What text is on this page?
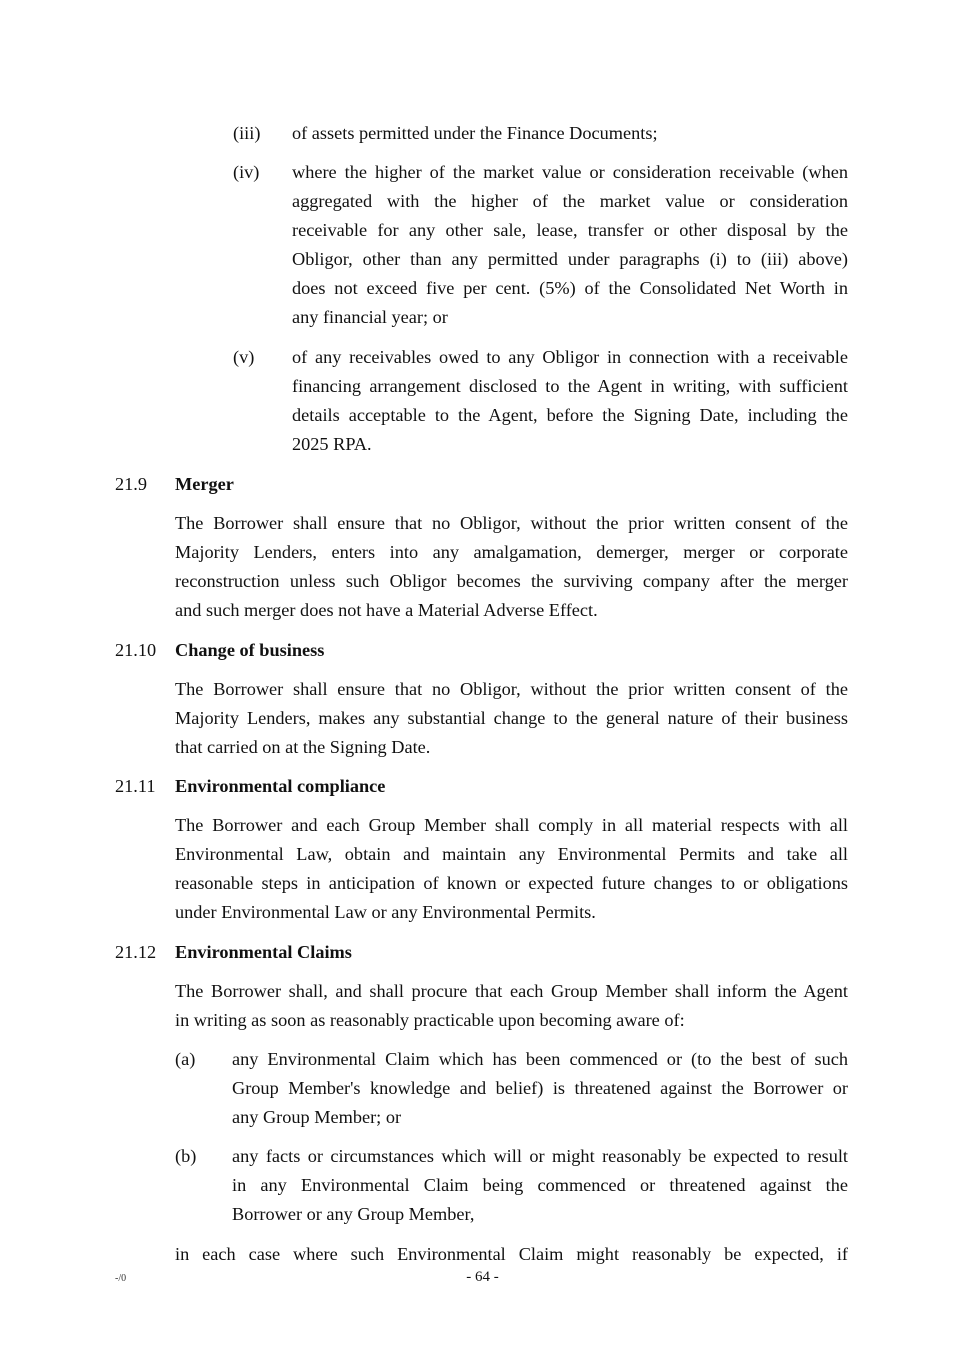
(iii) of assets permitted under the Finance Documents;
(iv) where the higher of the market value or consideration receivable (when
aggregated with the higher of the market value or consideration
receivable for any other sale, lease, transfer or other disposal by the
Obligor, other than any permitted under paragraphs (i) to (iii) above)
does not exceed five per cent. (5%) of the Consolidated Net Worth in
any financial year; or
(v) of any receivables owed to any Obligor in connection with a receivable
financing arrangement disclosed to the Agent in writing, with sufficient
details acceptable to the Agent, before the Signing Date, including the
2025 RPA.
21.9 Merger
The Borrower shall ensure that no Obligor, without the prior written consent of the
Majority Lenders, enters into any amalgamation, demerger, merger or corporate
reconstruction unless such Obligor becomes the surviving company after the merger
and such merger does not have a Material Adverse Effect.
21.10 Change of business
The Borrower shall ensure that no Obligor, without the prior written consent of the
Majority Lenders, makes any substantial change to the general nature of their business
that carried on at the Signing Date.
21.11 Environmental compliance
The Borrower and each Group Member shall comply in all material respects with all
Environmental Law, obtain and maintain any Environmental Permits and take all
reasonable steps in anticipation of known or expected future changes to or obligations
under Environmental Law or any Environmental Permits.
21.12 Environmental Claims
The Borrower shall, and shall procure that each Group Member shall inform the Agent
in writing as soon as reasonably practicable upon becoming aware of:
(a) any Environmental Claim which has been commenced or (to the best of such
Group Member's knowledge and belief) is threatened against the Borrower or
any Group Member; or
(b) any facts or circumstances which will or might reasonably be expected to result
in any Environmental Claim being commenced or threatened against the
Borrower or any Group Member,
in each case where such Environmental Claim might reasonably be expected, if
-/0	- 64 -
